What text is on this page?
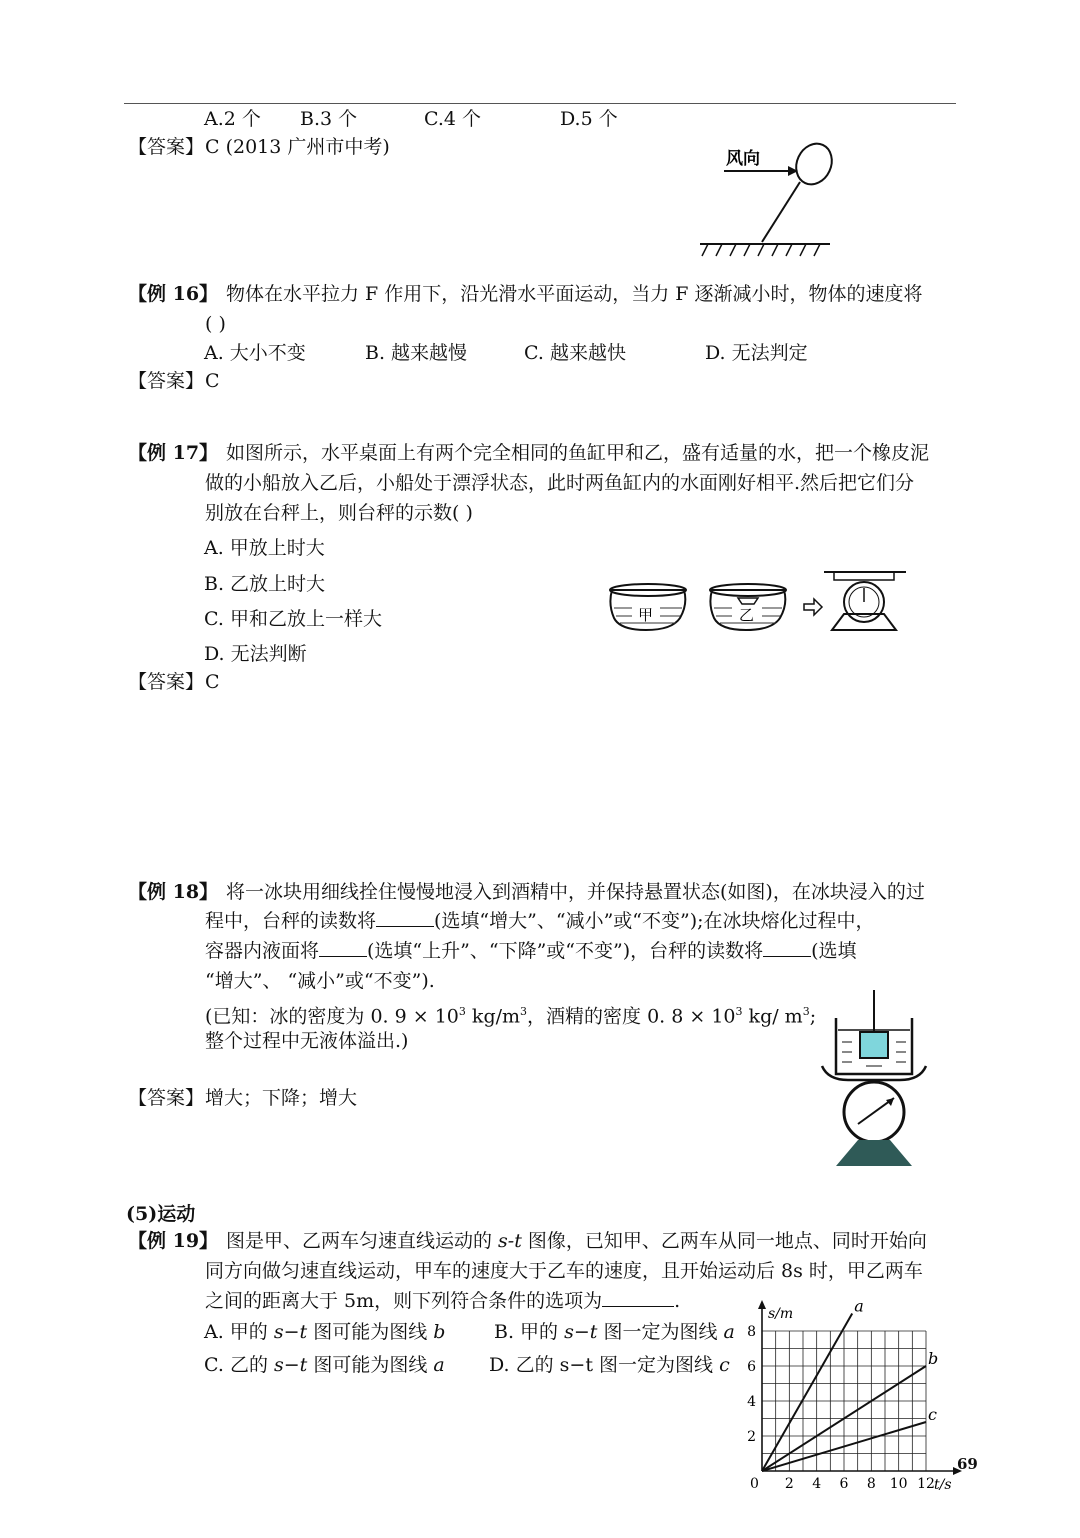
A.2 个 B.3 个	C.4 个	D.5 个
【答案】 C (2013 广州市中考)
风向
【例 16】 物体在水平拉力 F 作用下，沿光滑水平面运动，当力 F 逐渐减小时，物体的速度将
( )
A. 大小不变	B. 越来越慢	C. 越来越快	D. 无法判定
【答案】 C
【例 17】 如图所示，水平桌面上有两个完全相同的鱼缸甲和乙，盛有适量的水，把一个橡皮泥
做的小船放入乙后，小船处于漂浮状态，此时两鱼缸内的水面刚好相平.然后把它们分
别放在台秤上，则台秤的示数( )
A. 甲放上时大
B. 乙放上时大
C. 甲和乙放上一样大
D. 无法判断
【答案】 C
甲	乙
【例 18】 将一冰块用细线拴住慢慢地浸入到酒精中，并保持悬置状态(如图)，在冰块浸入的过
程中，台秤的读数将	(选填“增大”、“减小”或“不变”);在冰块熔化过程中，
容器内液面将	(选填“上升”、“下降”或“不变”)，台秤的读数将	(选填
“增大”、 “减小”或“不变”).
(已知：冰的密度为 0. $9 \times 10^3$ $kg/m^3$，酒精的密度 0. $8 \times 10^3$ kg/ $m^3$;
整个过程中无液体溢出.)
【答案】 增大；下降；增大
(5)运动
【例 19】 图是甲、乙两车匀速直线运动的 s-t 图像，已知甲、乙两车从同一地点、同时开始向
同方向做匀速直线运动，甲车的速度大于乙车的速度，且开始运动后 8s 时，甲乙两车
之间的距离大于 5m，则下列符合条件的选项为	.
A. 甲的 s−t 图可能为图线 b	B. 甲的 s−t 图一定为图线 a
C. 乙的 s−t 图可能为图线 a D. 乙的 s−t 图一定为图线 c
0 2 4 6 8 10 12
2
4
6
8
s/m
t/s
a
b
c
69
